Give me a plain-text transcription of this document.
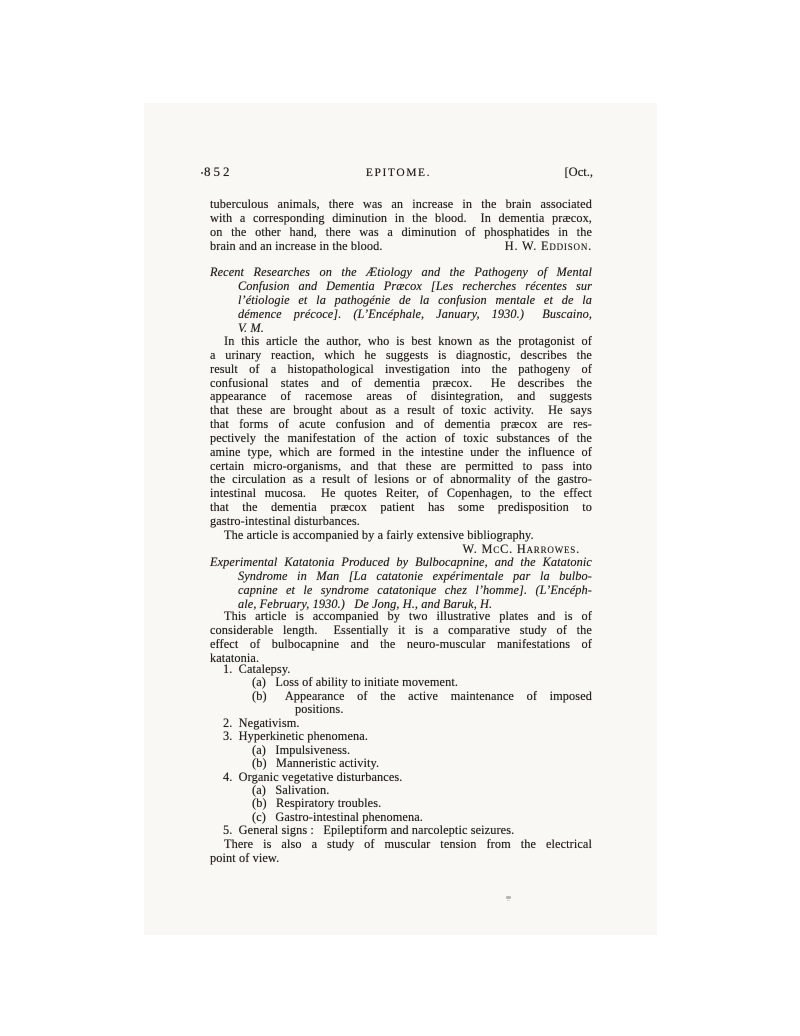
852	EPITOME.	[Oct.,
tuberculous animals, there was an increase in the brain associated
with a corresponding diminution in the blood.  In dementia præcox,
on the other hand, there was a diminution of phosphatides in the
brain and an increase in the blood.	H. W. Eddison.
Recent Researches on the Ætiology and the Pathogeny of Mental
Confusion and Dementia Præcox [Les recherches récentes sur
l’étiologie et la pathogénie de la confusion mentale et de la
démence précoce]. (L’Encéphale, January, 1930.)  Buscaino,
V. M.
In this article the author, who is best known as the protagonist of
a urinary reaction, which he suggests is diagnostic, describes the
result of a histopathological investigation into the pathogeny of
confusional states and of dementia præcox.  He describes the
appearance of racemose areas of disintegration, and suggests
that these are brought about as a result of toxic activity.  He says
that forms of acute confusion and of dementia præcox are res-
pectively the manifestation of the action of toxic substances of the
amine type, which are formed in the intestine under the influence of
certain micro-organisms, and that these are permitted to pass into
the circulation as a result of lesions or of abnormality of the gastro-
intestinal mucosa.  He quotes Reiter, of Copenhagen, to the effect
that the dementia præcox patient has some predisposition to
gastro-intestinal disturbances.
The article is accompanied by a fairly extensive bibliography.
W. McC. Harrowes.
Experimental Katatonia Produced by Bulbocapnine, and the Katatonic
Syndrome in Man [La catatonie expérimentale par la bulbo-
capnine et le syndrome catatonique chez l’homme]. (L’Encéph-
ale, February, 1930.)  De Jong, H., and Baruk, H.
This article is accompanied by two illustrative plates and is of
considerable length.  Essentially it is a comparative study of the
effect of bulbocapnine and the neuro-muscular manifestations of
katatonia.
1. Catalepsy.
(a)  Loss of ability to initiate movement.
(b)  Appearance of the active maintenance of imposed
positions.
2. Negativism.
3. Hyperkinetic phenomena.
(a)  Impulsiveness.
(b)  Manneristic activity.
4. Organic vegetative disturbances.
(a)  Salivation.
(b)  Respiratory troubles.
(c)  Gastro-intestinal phenomena.
5. General signs :  Epileptiform and narcoleptic seizures.
There is also a study of muscular tension from the electrical
point of view.
